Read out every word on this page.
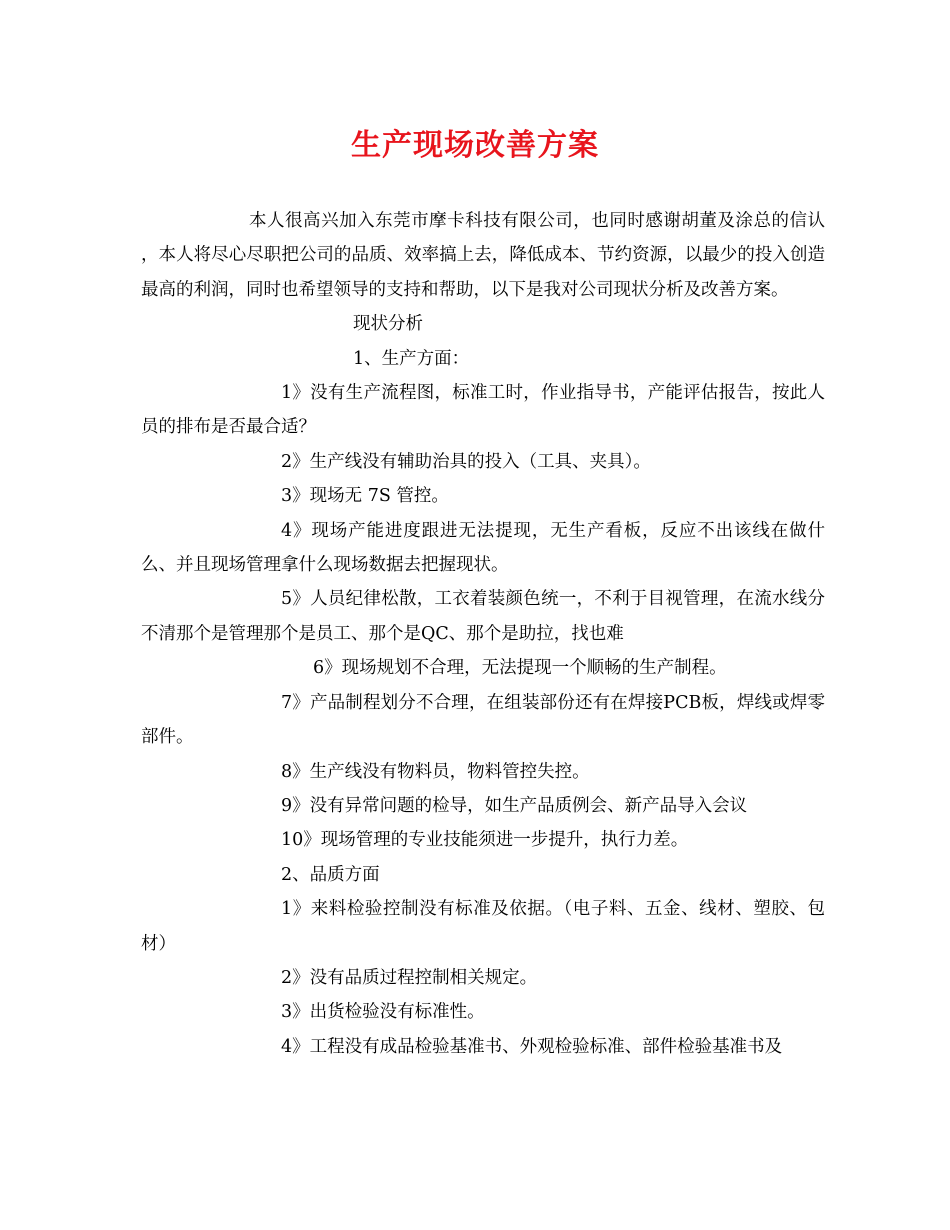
生产现场改善方案

本人很高兴加入东莞市摩卡科技有限公司，也同时感谢胡董及涂总的信认 ，本人将尽心尽职把公司的品质、效率搞上去，降低成本、节约资源，以最少的投入创造最高的利润，同时也希望领导的支持和帮助，以下是我对公司现状分析及改善方案。

现状分析

1、生产方面：

1》没有生产流程图，标准工时，作业指导书，产能评估报告，按此人员的排布是否最合适？

2》生产线没有辅助治具的投入（工具、夹具）。

3》现场无 7S 管控。

4》现场产能进度跟进无法提现，无生产看板，反应不出该线在做什么、并且现场管理拿什么现场数据去把握现状。

5》人员纪律松散，工衣着装颜色统一，不利于目视管理，在流水线分不清那个是管理那个是员工、那个是QC、那个是助拉，找也难

6》现场规划不合理，无法提现一个顺畅的生产制程。

7》产品制程划分不合理，在组装部份还有在焊接PCB板，焊线或焊零部件。

8》生产线没有物料员，物料管控失控。

9》没有异常问题的检导，如生产品质例会、新产品导入会议

10》现场管理的专业技能须进一步提升，执行力差。

2、品质方面

1》来料检验控制没有标准及依据。（电子料、五金、线材、塑胶、包材）

2》没有品质过程控制相关规定。

3》出货检验没有标准性。

4》工程没有成品检验基准书、外观检验标准、部件检验基准书及
